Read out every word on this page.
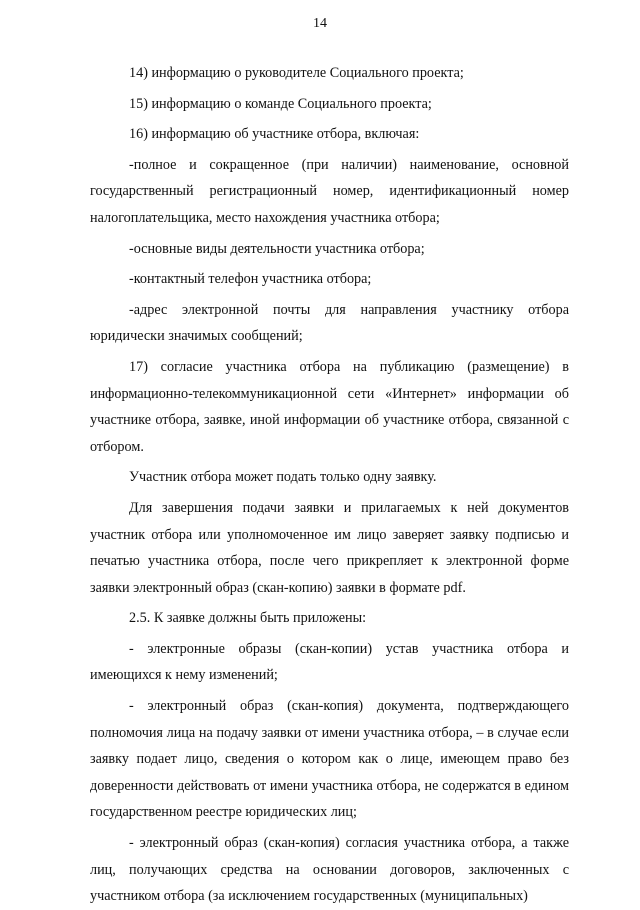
14

14) информацию о руководителе Социального проекта;

15) информацию о команде Социального проекта;

16) информацию об участнике отбора, включая:

-полное и сокращенное (при наличии) наименование, основной государственный регистрационный номер, идентификационный номер налогоплательщика, место нахождения участника отбора;

-основные виды деятельности участника отбора;

-контактный телефон участника отбора;

-адрес электронной почты для направления участнику отбора юридически значимых сообщений;

17) согласие участника отбора на публикацию (размещение) в информационно-телекоммуникационной сети «Интернет» информации об участнике отбора, заявке, иной информации об участнике отбора, связанной с отбором.

Участник отбора может подать только одну заявку.

Для завершения подачи заявки и прилагаемых к ней документов участник отбора или уполномоченное им лицо заверяет заявку подписью и печатью участника отбора, после чего прикрепляет к электронной форме заявки электронный образ (скан-копию) заявки в формате pdf.

2.5. К заявке должны быть приложены:

- электронные образы (скан-копии) устав участника отбора и имеющихся к нему изменений;

- электронный образ (скан-копия) документа, подтверждающего полномочия лица на подачу заявки от имени участника отбора, – в случае если заявку подает лицо, сведения о котором как о лице, имеющем право без доверенности действовать от имени участника отбора, не содержатся в едином государственном реестре юридических лиц;

- электронный образ (скан-копия) согласия участника отбора, а также лиц, получающих средства на основании договоров, заключенных с участником отбора (за исключением государственных (муниципальных)
